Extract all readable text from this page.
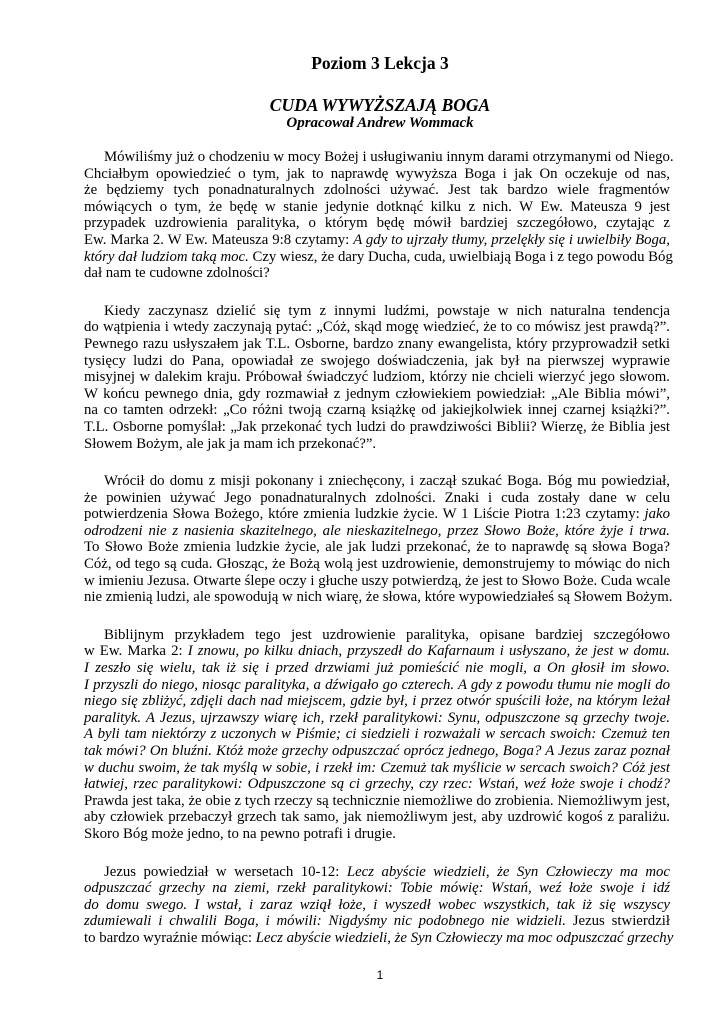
Poziom 3 Lekcja 3
CUDA WYWYŻSZAJĄ BOGA
Opracował Andrew Wommack
Mówiliśmy już o chodzeniu w mocy Bożej i usługiwaniu innym darami otrzymanymi od Niego.
Chciałbym opowiedzieć o tym, jak to naprawdę wywyższa Boga i jak On oczekuje od nas,
że będziemy tych ponadnaturalnych zdolności używać. Jest tak bardzo wiele fragmentów
mówiących o tym, że będę w stanie jedynie dotknąć kilku z nich. W Ew. Mateusza 9 jest
przypadek uzdrowienia paralityka, o którym będę mówił bardziej szczegółowo, czytając z
Ew. Marka 2. W Ew. Mateusza 9:8 czytamy: A gdy to ujrzały tłumy, przelękły się i uwielbiły Boga,
który dał ludziom taką moc. Czy wiesz, że dary Ducha, cuda, uwielbiają Boga i z tego powodu Bóg
dał nam te cudowne zdolności?
Kiedy zaczynasz dzielić się tym z innymi ludźmi, powstaje w nich naturalna tendencja
do wątpienia i wtedy zaczynają pytać: „Cóż, skąd mogę wiedzieć, że to co mówisz jest prawdą?”.
Pewnego razu usłyszałem jak T.L. Osborne, bardzo znany ewangelista, który przyprowadził setki
tysięcy ludzi do Pana, opowiadał ze swojego doświadczenia, jak był na pierwszej wyprawie
misyjnej w dalekim kraju. Próbował świadczyć ludziom, którzy nie chcieli wierzyć jego słowom.
W końcu pewnego dnia, gdy rozmawiał z jednym człowiekiem powiedział: „Ale Biblia mówi”,
na co tamten odrzekł: „Co różni twoją czarną książkę od jakiejkolwiek innej czarnej książki?”.
T.L. Osborne pomyślał: „Jak przekonać tych ludzi do prawdziwości Biblii? Wierzę, że Biblia jest
Słowem Bożym, ale jak ja mam ich przekonać?”.
Wrócił do domu z misji pokonany i zniechęcony, i zaczął szukać Boga. Bóg mu powiedział,
że powinien używać Jego ponadnaturalnych zdolności. Znaki i cuda zostały dane w celu
potwierdzenia Słowa Bożego, które zmienia ludzkie życie. W 1 Liście Piotra 1:23 czytamy: jako
odrodzeni nie z nasienia skazitelnego, ale nieskazitelnego, przez Słowo Boże, które żyje i trwa.
To Słowo Boże zmienia ludzkie życie, ale jak ludzi przekonać, że to naprawdę są słowa Boga?
Cóż, od tego są cuda. Głosząc, że Bożą wolą jest uzdrowienie, demonstrujemy to mówiąc do nich
w imieniu Jezusa. Otwarte ślepe oczy i głuche uszy potwierdzą, że jest to Słowo Boże. Cuda wcale
nie zmienią ludzi, ale spowodują w nich wiarę, że słowa, które wypowiedziałeś są Słowem Bożym.
Biblijnym przykładem tego jest uzdrowienie paralityka, opisane bardziej szczegółowo
w Ew. Marka 2: I znowu, po kilku dniach, przyszedł do Kafarnaum i usłyszano, że jest w domu.
I zeszło się wielu, tak iż się i przed drzwiami już pomieścić nie mogli, a On głosił im słowo.
I przyszli do niego, niosąc paralityka, a dźwigało go czterech. A gdy z powodu tłumu nie mogli do
niego się zbliżyć, zdjęli dach nad miejscem, gdzie był, i przez otwór spuścili łoże, na którym leżał
paralityk. A Jezus, ujrzawszy wiarę ich, rzekł paralitykowi: Synu, odpuszczone są grzechy twoje.
A byli tam niektórzy z uczonych w Piśmie; ci siedzieli i rozważali w sercach swoich: Czemuż ten
tak mówi? On bluźni. Któż może grzechy odpuszczać oprócz jednego, Boga? A Jezus zaraz poznał
w duchu swoim, że tak myślą w sobie, i rzekł im: Czemuż tak myślicie w sercach swoich? Cóż jest
łatwiej, rzec paralitykowi: Odpuszczone są ci grzechy, czy rzec: Wstań, weź łoże swoje i chodź?
Prawda jest taka, że obie z tych rzeczy są technicznie niemożliwe do zrobienia. Niemożliwym jest,
aby człowiek przebaczył grzech tak samo, jak niemożliwym jest, aby uzdrowić kogoś z paraliżu.
Skoro Bóg może jedno, to na pewno potrafi i drugie.
Jezus powiedział w wersetach 10-12: Lecz abyście wiedzieli, że Syn Człowieczy ma moc
odpuszczać grzechy na ziemi, rzekł paralitykowi: Tobie mówię: Wstań, weź łoże swoje i idź
do domu swego. I wstał, i zaraz wziął łoże, i wyszedł wobec wszystkich, tak iż się wszyscy
zdumiewali i chwalili Boga, i mówili: Nigdyśmy nic podobnego nie widzieli. Jezus stwierdził
to bardzo wyraźnie mówiąc: Lecz abyście wiedzieli, że Syn Człowieczy ma moc odpuszczać grzechy
1
